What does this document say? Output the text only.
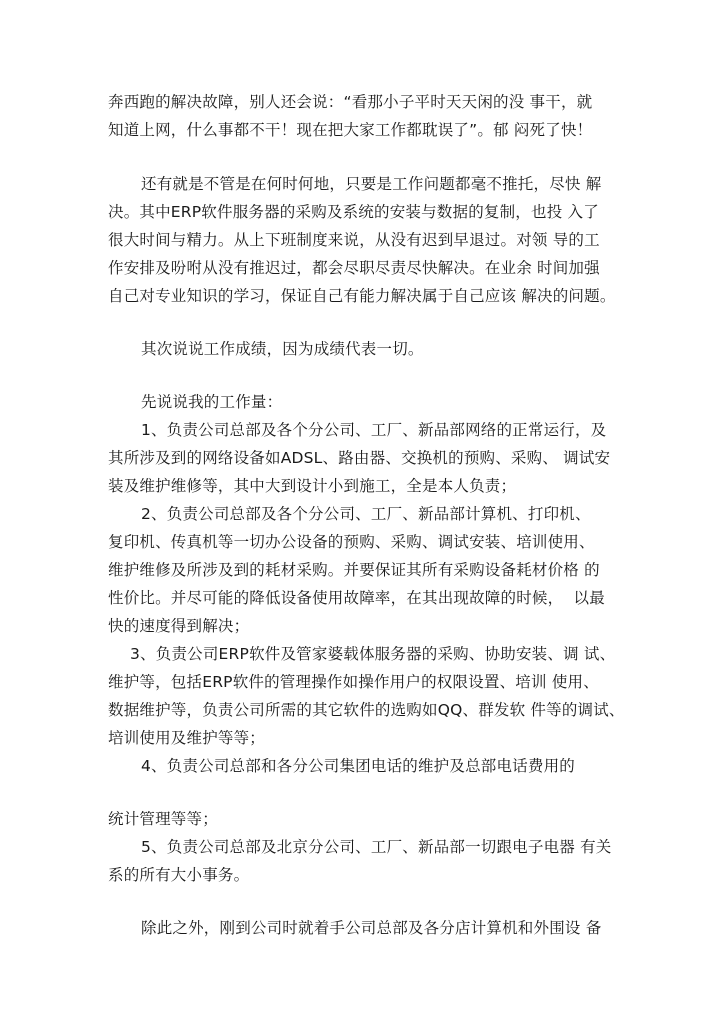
奔西跑的解决故障，别人还会说：“看那小子平时天天闲的没 事干，就
知道上网，什么事都不干！现在把大家工作都耽误了”。郁 闷死了快！
还有就是不管是在何时何地，只要是工作问题都毫不推托，尽快 解
决。其中ERP软件服务器的采购及系统的安装与数据的复制，也投 入了
很大时间与精力。从上下班制度来说，从没有迟到早退过。对领 导的工
作安排及吩咐从没有推迟过，都会尽职尽责尽快解决。在业余 时间加强
自己对专业知识的学习，保证自己有能力解决属于自己应该 解决的问题。
其次说说工作成绩，因为成绩代表一切。
先说说我的工作量：
1、负责公司总部及各个分公司、工厂、新品部网络的正常运行，及
其所涉及到的网络设备如ADSL、路由器、交换机的预购、采购、 调试安
装及维护维修等，其中大到设计小到施工，全是本人负责；
2、负责公司总部及各个分公司、工厂、新品部计算机、打印机、
复印机、传真机等一切办公设备的预购、采购、调试安装、培训使用、
维护维修及所涉及到的耗材采购。并要保证其所有采购设备耗材价格 的
性价比。并尽可能的降低设备使用故障率，在其出现故障的时候，  以最
快的速度得到解决；
3、负责公司ERP软件及管家婆载体服务器的采购、协助安装、调 试、
维护等，包括ERP软件的管理操作如操作用户的权限设置、培训 使用、
数据维护等，负责公司所需的其它软件的选购如QQ、群发软 件等的调试、
培训使用及维护等等；
4、负责公司总部和各分公司集团电话的维护及总部电话费用的
统计管理等等；
5、负责公司总部及北京分公司、工厂、新品部一切跟电子电器 有关
系的所有大小事务。
除此之外，刚到公司时就着手公司总部及各分店计算机和外围设 备
